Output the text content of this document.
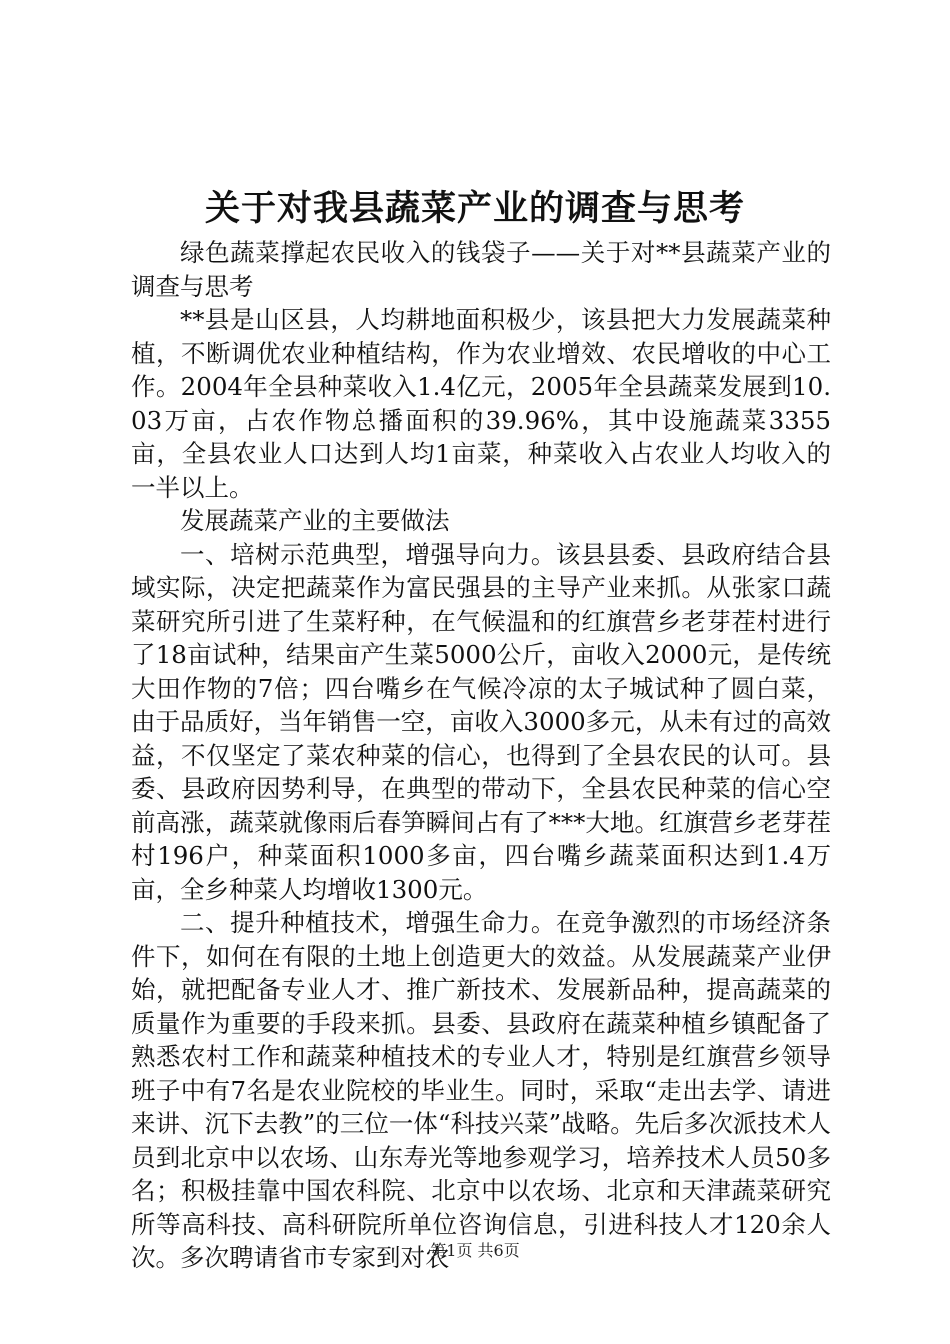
关于对我县蔬菜产业的调查与思考

绿色蔬菜撑起农民收入的钱袋子——关于对**县蔬菜产业的调查与思考

**县是山区县，人均耕地面积极少，该县把大力发展蔬菜种植，不断调优农业种植结构，作为农业增效、农民增收的中心工作。2004年全县种菜收入1.4亿元，2005年全县蔬菜发展到10.03万亩，占农作物总播面积的39.96%，其中设施蔬菜3355亩，全县农业人口达到人均1亩菜，种菜收入占农业人均收入的一半以上。

发展蔬菜产业的主要做法

一、培树示范典型，增强导向力。该县县委、县政府结合县域实际，决定把蔬菜作为富民强县的主导产业来抓。从张家口蔬菜研究所引进了生菜籽种，在气候温和的红旗营乡老芽茬村进行了18亩试种，结果亩产生菜5000公斤，亩收入2000元，是传统大田作物的7倍；四台嘴乡在气候冷凉的太子城试种了圆白菜，由于品质好，当年销售一空，亩收入3000多元，从未有过的高效益，不仅坚定了菜农种菜的信心，也得到了全县农民的认可。县委、县政府因势利导，在典型的带动下，全县农民种菜的信心空前高涨，蔬菜就像雨后春笋瞬间占有了***大地。红旗营乡老芽茬村196户，种菜面积1000多亩，四台嘴乡蔬菜面积达到1.4万亩，全乡种菜人均增收1300元。

二、提升种植技术，增强生命力。在竞争激烈的市场经济条件下，如何在有限的土地上创造更大的效益。从发展蔬菜产业伊始，就把配备专业人才、推广新技术、发展新品种，提高蔬菜的质量作为重要的手段来抓。县委、县政府在蔬菜种植乡镇配备了熟悉农村工作和蔬菜种植技术的专业人才，特别是红旗营乡领导班子中有7名是农业院校的毕业生。同时，采取“走出去学、请进来讲、沉下去教”的三位一体“科技兴菜”战略。先后多次派技术人员到北京中以农场、山东寿光等地参观学习，培养技术人员50多名；积极挂靠中国农科院、北京中以农场、北京和天津蔬菜研究所等高科技、高科研院所单位咨询信息，引进科技人才120余人次。多次聘请省市专家到对农

第1页 共6页
